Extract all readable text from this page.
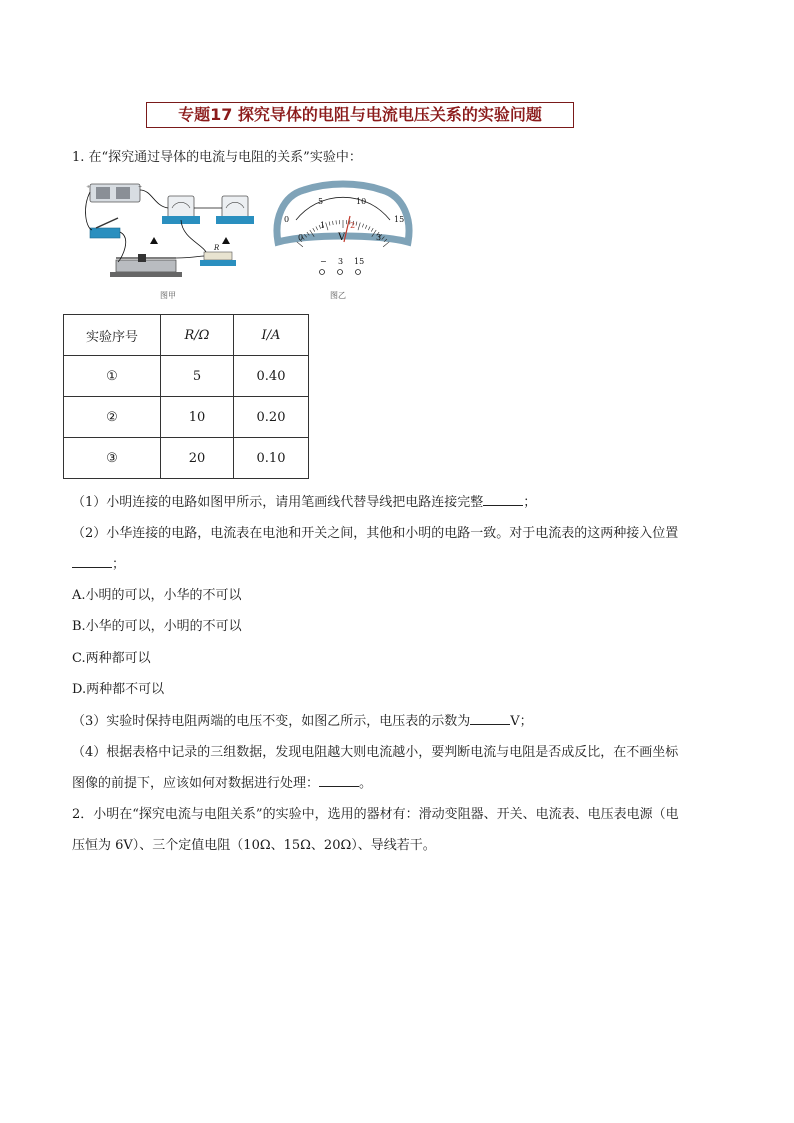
专题17 探究导体的电阻与电流电压关系的实验问题
1. 在“探究通过导体的电流与电阻的关系”实验中：
+	−
R
图甲
0
5	10
15
0
1	2
3
V
− 3 15
图乙
实验序号	R/Ω	I/A
①	5	0.40
②	10	0.20
③	20	0.10
（1）小明连接的电路如图甲所示，请用笔画线代替导线把电路连接完整	；
（2）小华连接的电路，电流表在电池和开关之间，其他和小明的电路一致。对于电流表的这两种接入位置
；
A.小明的可以，小华的不可以
B.小华的可以，小明的不可以
C.两种都可以
D.两种都不可以
（3）实验时保持电阻两端的电压不变，如图乙所示，电压表的示数为	V；
（4）根据表格中记录的三组数据，发现电阻越大则电流越小，要判断电流与电阻是否成反比，在不画坐标
图像的前提下，应该如何对数据进行处理：	。
2．小明在“探究电流与电阻关系”的实验中，选用的器材有：滑动变阻器、开关、电流表、电压表电源（电
压恒为 6V）、三个定值电阻（10Ω、15Ω、20Ω）、导线若干。
